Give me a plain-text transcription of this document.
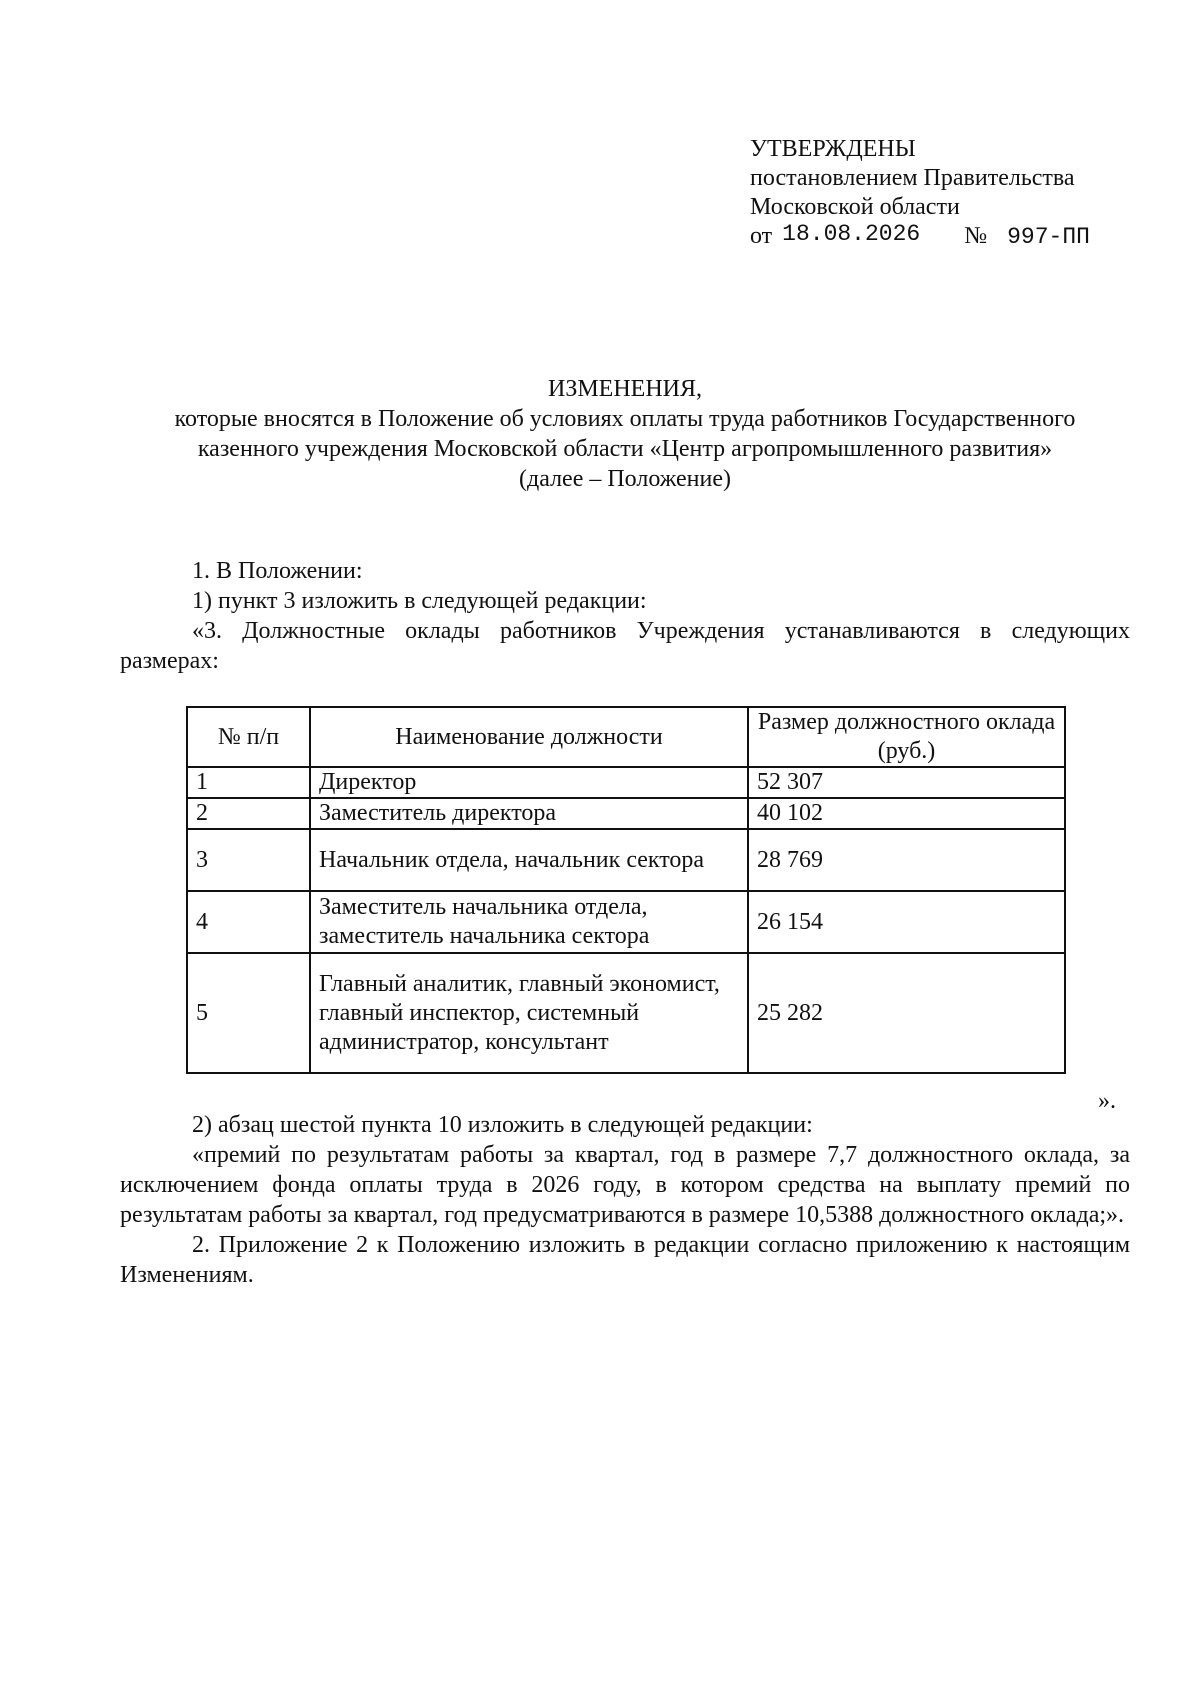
УТВЕРЖДЕНЫ
постановлением Правительства
Московской области
от 18.08.2026 № 997-ПП
ИЗМЕНЕНИЯ,
которые вносятся в Положение об условиях оплаты труда работников Государственного
казенного учреждения Московской области «Центр агропромышленного развития»
(далее – Положение)
1. В Положении:
1) пункт 3 изложить в следующей редакции:
«3. Должностные оклады работников Учреждения устанавливаются в следующих размерах:
№ п/п	Наименование должности	Размер должностного оклада (руб.)
1	Директор	52 307
2	Заместитель директора	40 102
3	Начальник отдела, начальник сектора	28 769
4	Заместитель начальника отдела, заместитель начальника сектора	26 154
5	Главный аналитик, главный экономист, главный инспектор, системный администратор, консультант	25 282
».
2) абзац шестой пункта 10 изложить в следующей редакции:
«премий по результатам работы за квартал, год в размере 7,7 должностного оклада, за исключением фонда оплаты труда в 2026 году, в котором средства на выплату премий по результатам работы за квартал, год предусматриваются в размере 10,5388 должностного оклада;».
2. Приложение 2 к Положению изложить в редакции согласно приложению к настоящим Изменениям.
